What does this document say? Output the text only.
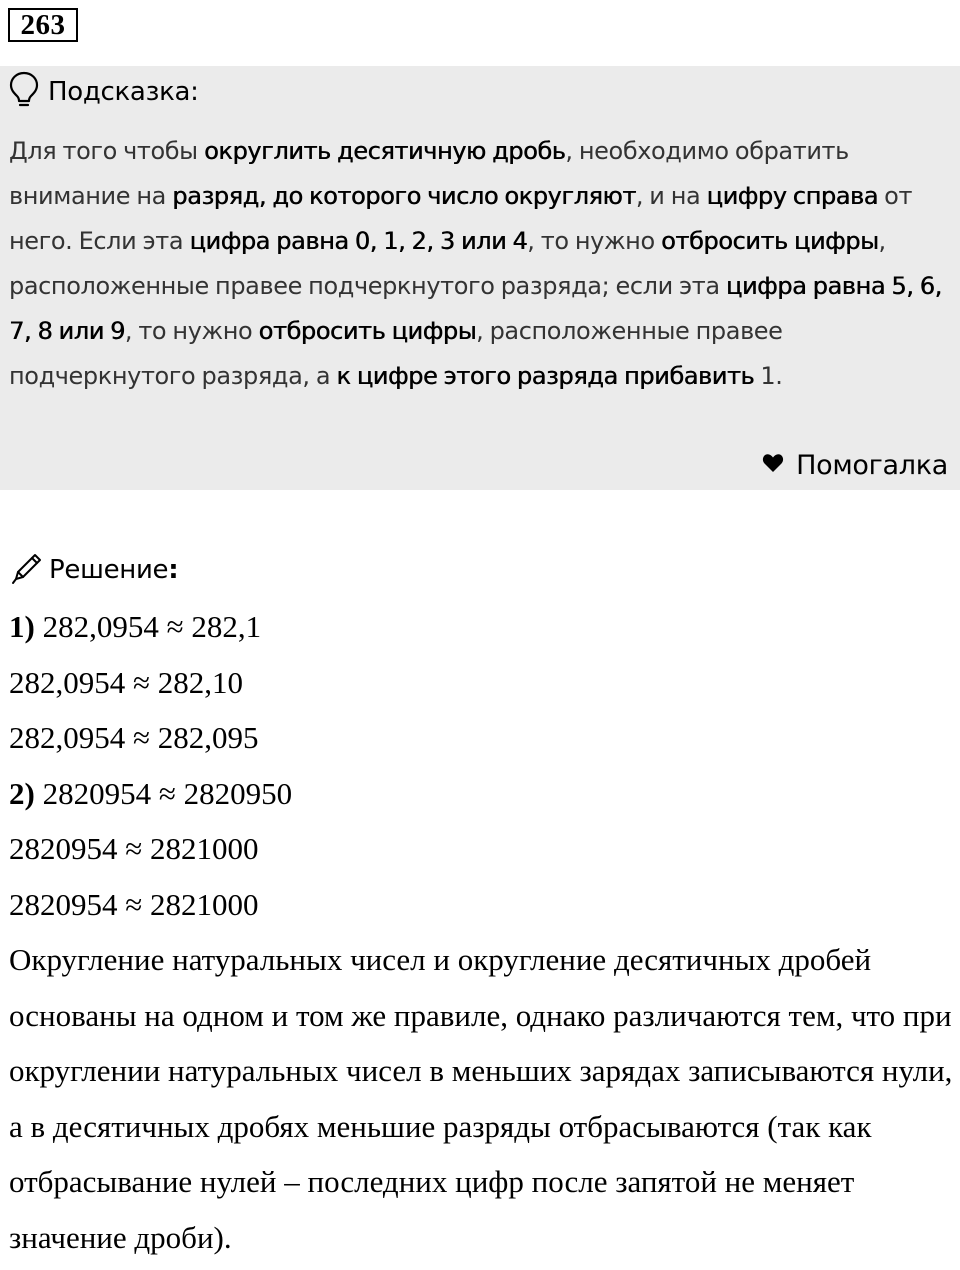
263
Подсказка:
Для того чтобы округлить десятичную дробь, необходимо обратить внимание на разряд, до которого число округляют, и на цифру справа от него. Если эта цифра равна 0, 1, 2, 3 или 4, то нужно отбросить цифры, расположенные правее подчеркнутого разряда; если эта цифра равна 5, 6, 7, 8 или 9, то нужно отбросить цифры, расположенные правее подчеркнутого разряда, а к цифре этого разряда прибавить 1.
Помогалка
Решение:
1) 282,0954 ≈ 282,1
282,0954 ≈ 282,10
282,0954 ≈ 282,095
2) 2820954 ≈ 2820950
2820954 ≈ 2821000
2820954 ≈ 2821000
Округление натуральных чисел и округление десятичных дробей основаны на одном и том же правиле, однако различаются тем, что при округлении натуральных чисел в меньших зарядах записываются нули, а в десятичных дробях меньшие разряды отбрасываются (так как отбрасывание нулей – последних цифр после запятой не меняет значение дроби).
